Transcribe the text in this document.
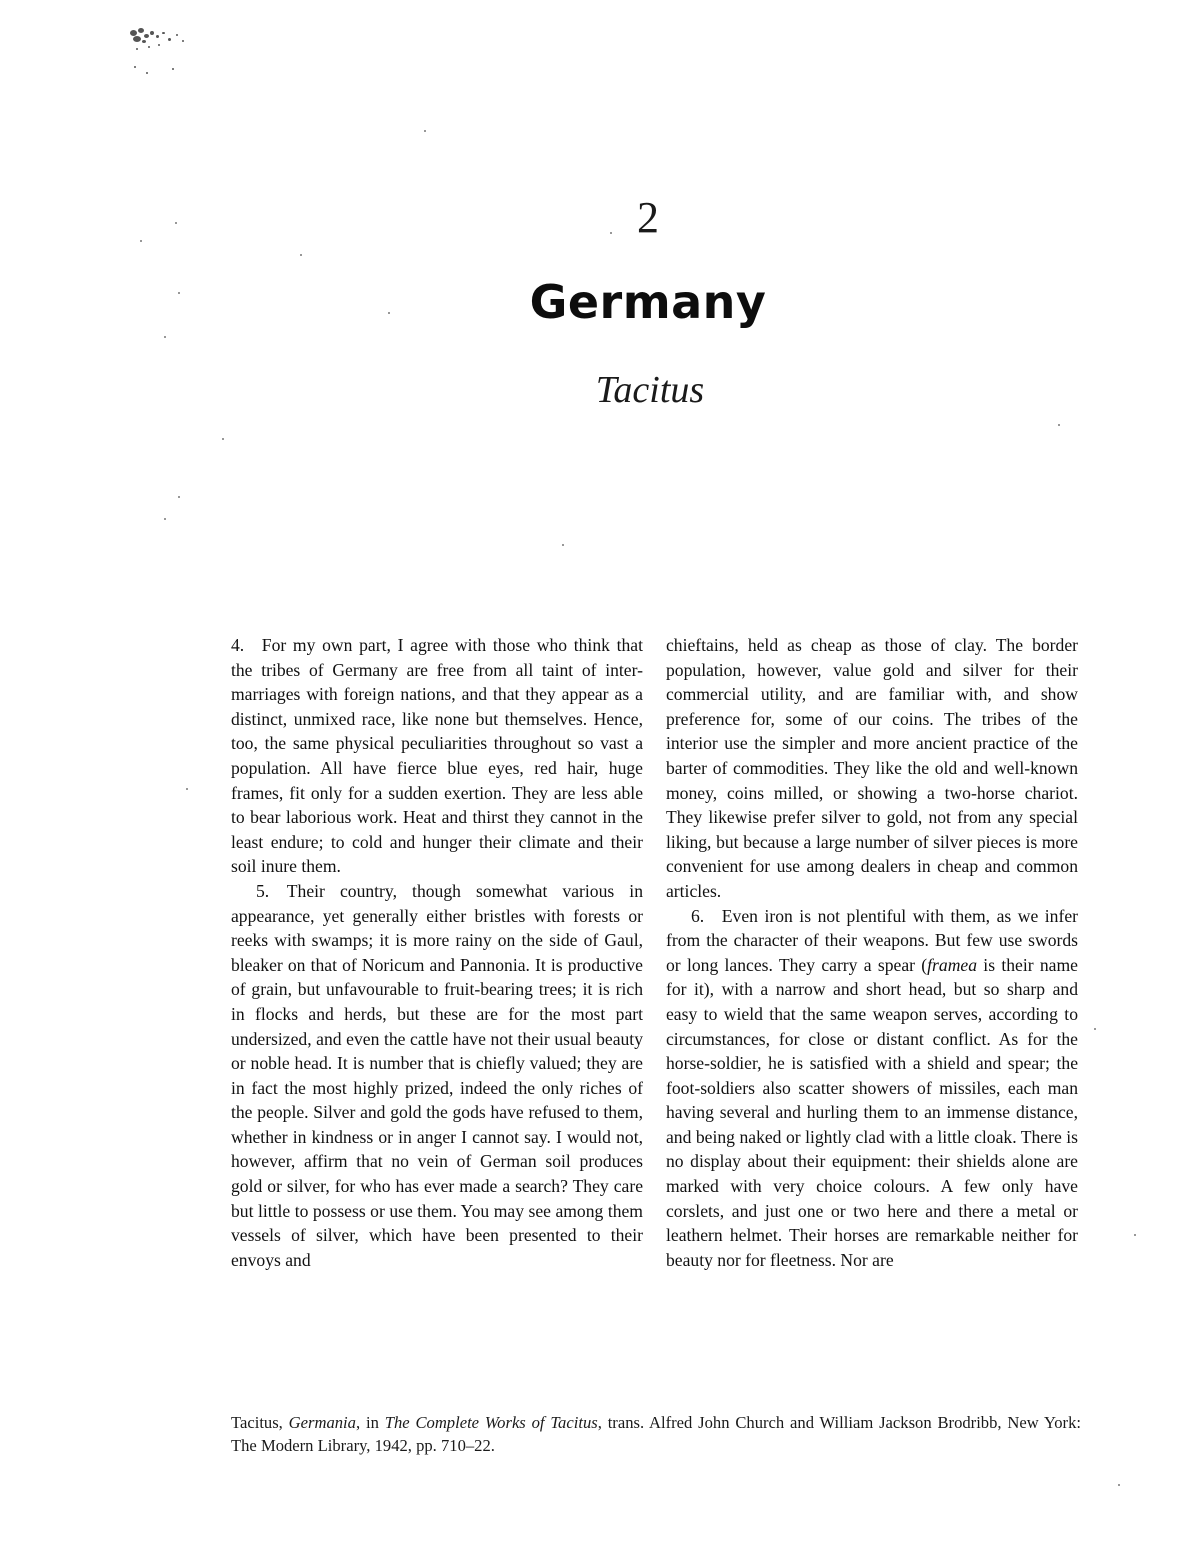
2
Germany
Tacitus

4. For my own part, I agree with those who think that the tribes of Germany are free from all taint of inter-marriages with foreign nations, and that they appear as a distinct, unmixed race, like none but themselves. Hence, too, the same physical peculiarities throughout so vast a population. All have fierce blue eyes, red hair, huge frames, fit only for a sudden exertion. They are less able to bear laborious work. Heat and thirst they cannot in the least endure; to cold and hunger their climate and their soil inure them.

5. Their country, though somewhat various in appearance, yet generally either bristles with forests or reeks with swamps; it is more rainy on the side of Gaul, bleaker on that of Noricum and Pannonia. It is productive of grain, but unfavourable to fruit-bearing trees; it is rich in flocks and herds, but these are for the most part undersized, and even the cattle have not their usual beauty or noble head. It is number that is chiefly valued; they are in fact the most highly prized, indeed the only riches of the people. Silver and gold the gods have refused to them, whether in kindness or in anger I cannot say. I would not, however, affirm that no vein of German soil produces gold or silver, for who has ever made a search? They care but little to possess or use them. You may see among them vessels of silver, which have been presented to their envoys and

chieftains, held as cheap as those of clay. The border population, however, value gold and silver for their commercial utility, and are familiar with, and show preference for, some of our coins. The tribes of the interior use the simpler and more ancient practice of the barter of commodities. They like the old and well-known money, coins milled, or showing a two-horse chariot. They likewise prefer silver to gold, not from any special liking, but because a large number of silver pieces is more convenient for use among dealers in cheap and common articles.

6. Even iron is not plentiful with them, as we infer from the character of their weapons. But few use swords or long lances. They carry a spear (framea is their name for it), with a narrow and short head, but so sharp and easy to wield that the same weapon serves, according to circumstances, for close or distant conflict. As for the horse-soldier, he is satisfied with a shield and spear; the foot-soldiers also scatter showers of missiles, each man having several and hurling them to an immense distance, and being naked or lightly clad with a little cloak. There is no display about their equipment: their shields alone are marked with very choice colours. A few only have corslets, and just one or two here and there a metal or leathern helmet. Their horses are remarkable neither for beauty nor for fleetness. Nor are

Tacitus, Germania, in The Complete Works of Tacitus, trans. Alfred John Church and William Jackson Brodribb, New York: The Modern Library, 1942, pp. 710–22.
